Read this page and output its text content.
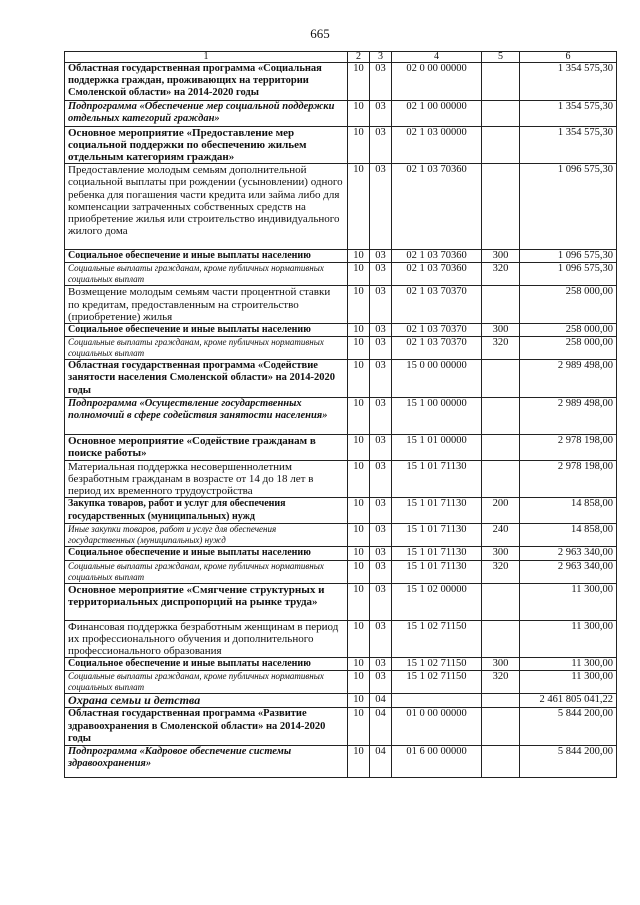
665
1	2	3	4	5	6
Областная государственная программа «Социальная поддержка граждан, проживающих на территории Смоленской области» на 2014-2020 годы	10	03	02 0 00 00000		1 354 575,30
Подпрограмма «Обеспечение мер социальной поддержки отдельных категорий граждан»	10	03	02 1 00 00000		1 354 575,30
Основное мероприятие «Предоставление мер социальной поддержки по обеспечению жильем отдельным категориям граждан»	10	03	02 1 03 00000		1 354 575,30
Предоставление молодым семьям дополнительной социальной выплаты при рождении (усыновлении) одного ребенка для погашения части кредита или займа либо для компенсации затраченных собственных средств на приобретение жилья или строительство индивидуального жилого дома	10	03	02 1 03 70360		1 096 575,30
Социальное обеспечение и иные выплаты населению	10	03	02 1 03 70360	300	1 096 575,30
Социальные выплаты гражданам, кроме публичных нормативных социальных выплат	10	03	02 1 03 70360	320	1 096 575,30
Возмещение молодым семьям части процентной ставки по кредитам, предоставленным на строительство (приобретение) жилья	10	03	02 1 03 70370		258 000,00
Социальное обеспечение и иные выплаты населению	10	03	02 1 03 70370	300	258 000,00
Социальные выплаты гражданам, кроме публичных нормативных социальных выплат	10	03	02 1 03 70370	320	258 000,00
Областная государственная программа «Содействие занятости населения Смоленской области» на 2014-2020 годы	10	03	15 0 00 00000		2 989 498,00
Подпрограмма «Осуществление государственных полномочий в сфере содействия занятости населения»	10	03	15 1 00 00000		2 989 498,00
Основное мероприятие «Содействие гражданам в поиске работы»	10	03	15 1 01 00000		2 978 198,00
Материальная поддержка несовершеннолетним безработным гражданам в возрасте от 14 до 18 лет в период их временного трудоустройства	10	03	15 1 01 71130		2 978 198,00
Закупка товаров, работ и услуг для обеспечения государственных (муниципальных) нужд	10	03	15 1 01 71130	200	14 858,00
Иные закупки товаров, работ и услуг для обеспечения государственных (муниципальных) нужд	10	03	15 1 01 71130	240	14 858,00
Социальное обеспечение и иные выплаты населению	10	03	15 1 01 71130	300	2 963 340,00
Социальные выплаты гражданам, кроме публичных нормативных социальных выплат	10	03	15 1 01 71130	320	2 963 340,00
Основное мероприятие «Смягчение структурных и территориальных диспропорций на рынке труда»	10	03	15 1 02 00000		11 300,00
Финансовая поддержка безработным женщинам в период их профессионального обучения и дополнительного профессионального образования	10	03	15 1 02 71150		11 300,00
Социальное обеспечение и иные выплаты населению	10	03	15 1 02 71150	300	11 300,00
Социальные выплаты гражданам, кроме публичных нормативных социальных выплат	10	03	15 1 02 71150	320	11 300,00
Охрана семьи и детства	10	04			2 461 805 041,22
Областная государственная программа «Развитие здравоохранения в Смоленской области» на 2014-2020 годы	10	04	01 0 00 00000		5 844 200,00
Подпрограмма «Кадровое обеспечение системы здравоохранения»	10	04	01 6 00 00000		5 844 200,00
